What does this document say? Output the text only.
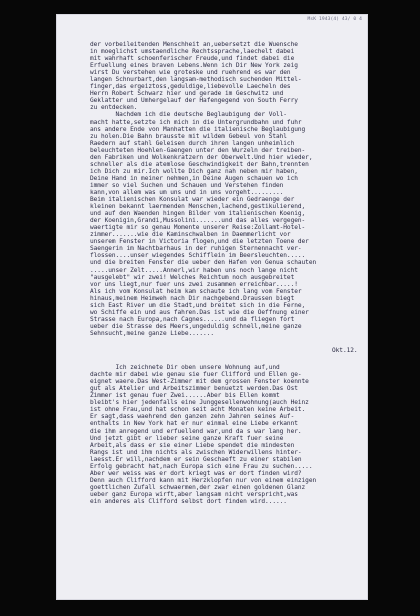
MsK 1943(4) 43/ 0 4
der vorbeileitenden Menschheit an,uebersetzt die Wuensche
in moeglichst umstaendliche Rechtssprache,laechelt dabei
mit wahrhaft schoenferischer Freude,und findet dabei die
Erfuellung eines braven Lebens.Wenn ich Dir New York zeig
wirst Du verstehen wie groteske und ruehrend es war den
langen Schnurbart,den langsam-methodisch suchenden Mittel-
finger,das ergeiztoss,geduldige,liebevolle Laecheln des
Herrn Robert Schwarz hier und gerade im Geschwitz und
Geklatter und Umhergelauf der Hafengegend von South Ferry
zu entdecken.
Nachdem ich die deutsche Beglaubigung der Voll-
macht hatte,setzte ich mich in die Untergrundbahn und fuhr
ans andere Ende von Manhatten die italienische Beglaubigung
zu holen.Die Bahn brausste mit wildem Gebeul von Stahl
Raedern auf stahl Geleisen durch ihren langen unheimlich
beleuchteten Hoehlen-Gaengen unter den Wurzeln der treiben-
den Fabriken und Wolkenkratzern der Oberwelt.Und hier wieder,
schneller als die atemlose Geschwindigkeit der Bahn,trennten
ich Dich zu mir.Ich wollte Dich ganz nah neben mir haben,
Deine Hand in meiner nehmen,in Deine Augen schauen wo ich
immer so viel Suchen und Schauen und Verstehen finden
kann,von allem was um uns und in uns vorgeht.........
Beim italienischen Konsulat war wieder ein Gedraenge der
kleinen bekannt laermenden Menschen,lachend,gestikulierend,
und auf den Waenden hingen Bilder vom italienischen Koenig,
der Koenigin,Grandi,Mussolini.......und das alles vergegen-
waertigte mir so genau Momente unserer Reise:Zollamt-Hotel-
zimmer.......wie die Kaminschwalben in Daemmerlicht vor
unserem Fenster in Victoria flogen,und die letzten Toene der
Saengerin im Nachtbarhaus in der ruhigen Sternennacht ver-
flossen....unser wiegendes Schifflein im Beersleuchten.....
und die breiten Fenster die ueber den Hafen von Genua schauten
.....unser Zelt.....Annerl,wir haben uns noch lange nicht
"ausgelebt" wir zwei! Welches Reichtum noch ausgebreitet
vor uns liegt,nur fuer uns zwei zusammen erreichbar.....!
Als ich vom Konsulat heim kam schaute ich lang vom Fenster
hinaus,meinem Heimweh nach Dir nachgebend.Draussen biegt
sich East River um die Stadt,und breitet sich in die Ferne,
wo Schiffe ein und aus fahren.Das ist wie die Oeffnung einer
Strasse nach Europa,nach Cagnes......und da fliegen fort
ueber die Strasse des Meers,ungeduldig schnell,meine ganze
Sehnsucht,meine ganze Liebe.......
Okt.12.
Ich zeichnete Dir oben unsere Wohnung auf,und
dachte mir dabei wie genau sie fuer Clifford und Ellen ge-
eignet waere.Das West-Zimmer mit dem grossen Fenster koennte
gut als Atelier und Arbeitszimmer benuetzt werden.Das Ost
Zimmer ist genau fuer Zwei......Aber bis Ellen kommt
bleibt's hier jedenfalls eine Junggesellenwohnung(auch Heinz
ist ohne Frau,und hat schon seit acht Monaten keine Arbeit.
Er sagt,dass waehrend den ganzen zehn Jahren seines Auf-
enthalts in New York hat er nur einmal eine Liebe erkannt
die ihm anregend und erfuellend war,und da s war lang her.
Und jetzt gibt er lieber seine ganze Kraft fuer seine
Arbeit,als dass er sie einer Liebe spendet die mindesten
Rangs ist und ihm nichts als zwischen Widerwillens hinter-
laesst.Er will,nachdem er sein Geschaeft zu einer stabilen
Erfolg gebracht hat,nach Europa sich eine Frau zu suchen.....
Aber wer weiss was er dort kriegt was er dort finden wird?
Denn auch Clifford kann mit Herzklopfen nur von einem einzigen
goettlichen Zufall schwaermen,der zwar einen goldenen Glanz
ueber ganz Europa wirft,aber langsam nicht verspricht,was
ein anderes als Clifford selbst dort finden wird......
